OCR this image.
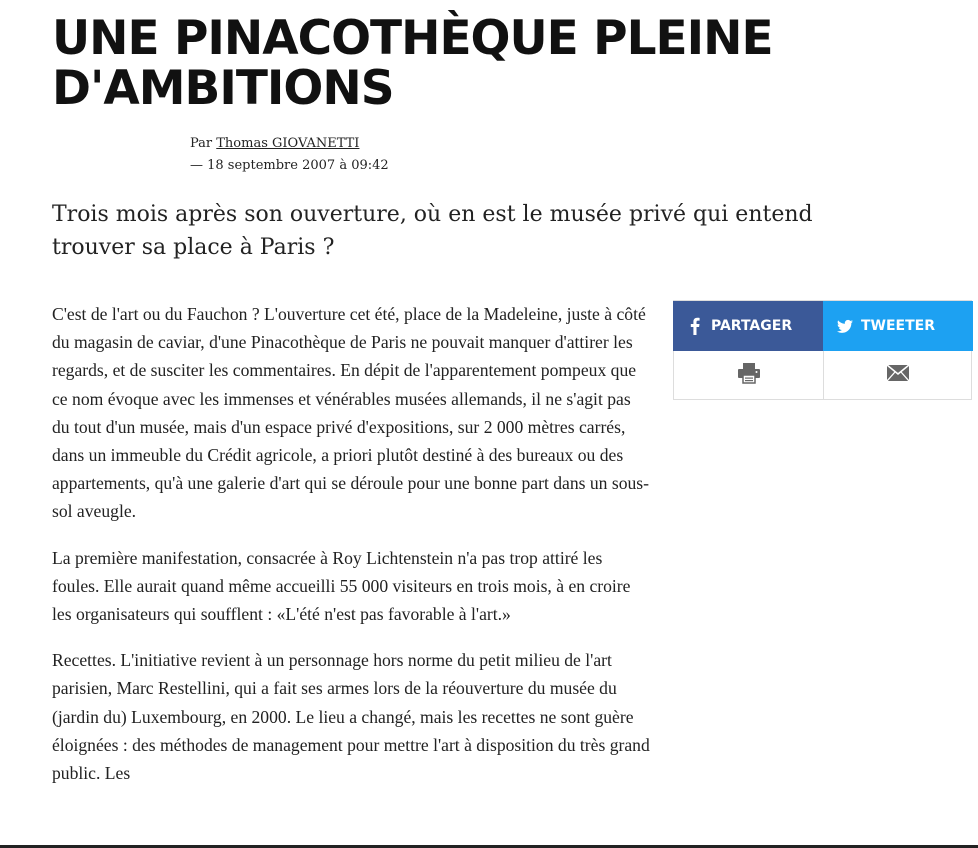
UNE PINACOTHÈQUE PLEINE D'AMBITIONS
Par Thomas GIOVANETTI
— 18 septembre 2007 à 09:42
Trois mois après son ouverture, où en est le musée privé qui entend trouver sa place à Paris ?

C'est de l'art ou du Fauchon ? L'ouverture cet été, place de la Madeleine, juste à côté du magasin de caviar, d'une Pinacothèque de Paris ne pouvait manquer d'attirer les regards, et de susciter les commentaires. En dépit de l'apparentement pompeux que ce nom évoque avec les immenses et vénérables musées allemands, il ne s'agit pas du tout d'un musée, mais d'un espace privé d'expositions, sur 2 000 mètres carrés, dans un immeuble du Crédit agricole, a priori plutôt destiné à des bureaux ou des appartements, qu'à une galerie d'art qui se déroule pour une bonne part dans un sous-sol aveugle.

La première manifestation, consacrée à Roy Lichtenstein n'a pas trop attiré les foules. Elle aurait quand même accueilli 55 000 visiteurs en trois mois, à en croire les organisateurs qui soufflent : «L'été n'est pas favorable à l'art.»

Recettes. L'initiative revient à un personnage hors norme du petit milieu de l'art parisien, Marc Restellini, qui a fait ses armes lors de la réouverture du musée du (jardin du) Luxembourg, en 2000. Le lieu a changé, mais les recettes ne sont guère éloignées : des méthodes de management pour mettre l'art à disposition du très grand public. Les

PARTAGER	TWEETER
